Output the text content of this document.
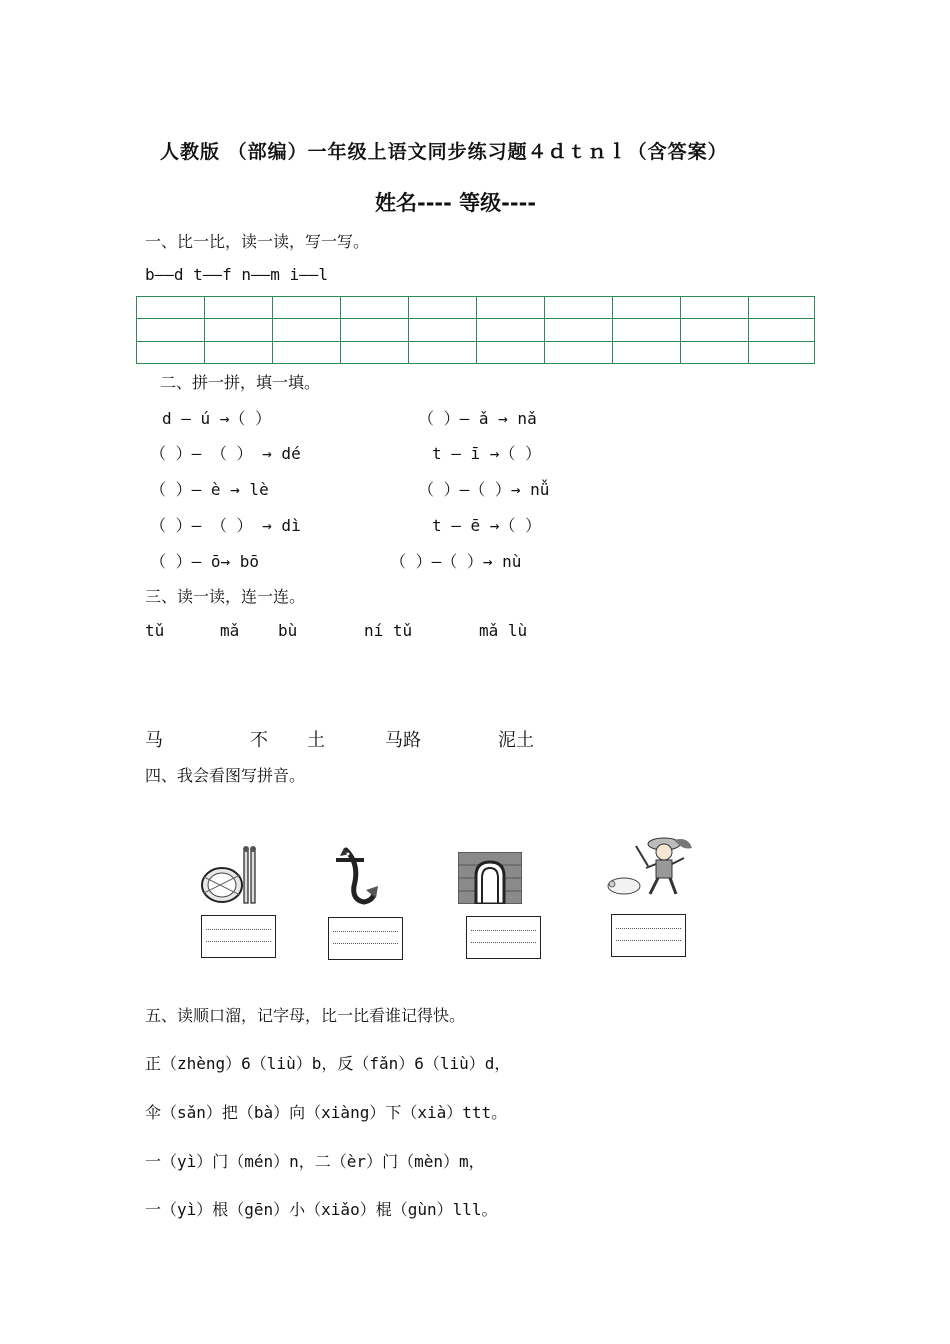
人教版 （部编）一年级上语文同步练习题４ｄｔｎｌ（含答案）
姓名---- 等级----
一、比一比，读一读，写一写。
b——d t——f n——m i——l
二、拼一拼，填一填。
d — ú →（ ）	（ ）— ǎ → nǎ
（ ）— （ ） → dé	t — ī →（ ）
（ ）— è → lè	（ ）—（ ）→ nǚ
（ ）— （ ） → dì	t — ē →（ ）
（ ）— ō→ bō	（ ）—（ ）→ nù
三、读一读，连一连。
tǔ	mǎ bù	ní tǔ	mǎ lù
马	不 土	马路	泥土
四、我会看图写拼音。
五、读顺口溜，记字母，比一比看谁记得快。
正（zhèng）6（liù）b，反（fǎn）6（liù）d，
伞（sǎn）把（bà）向（xiàng）下（xià）ttt。
一（yì）门（mén）n，二（èr）门（mèn）m，
一（yì）根（gēn）小（xiǎo）棍（gùn）lll。
